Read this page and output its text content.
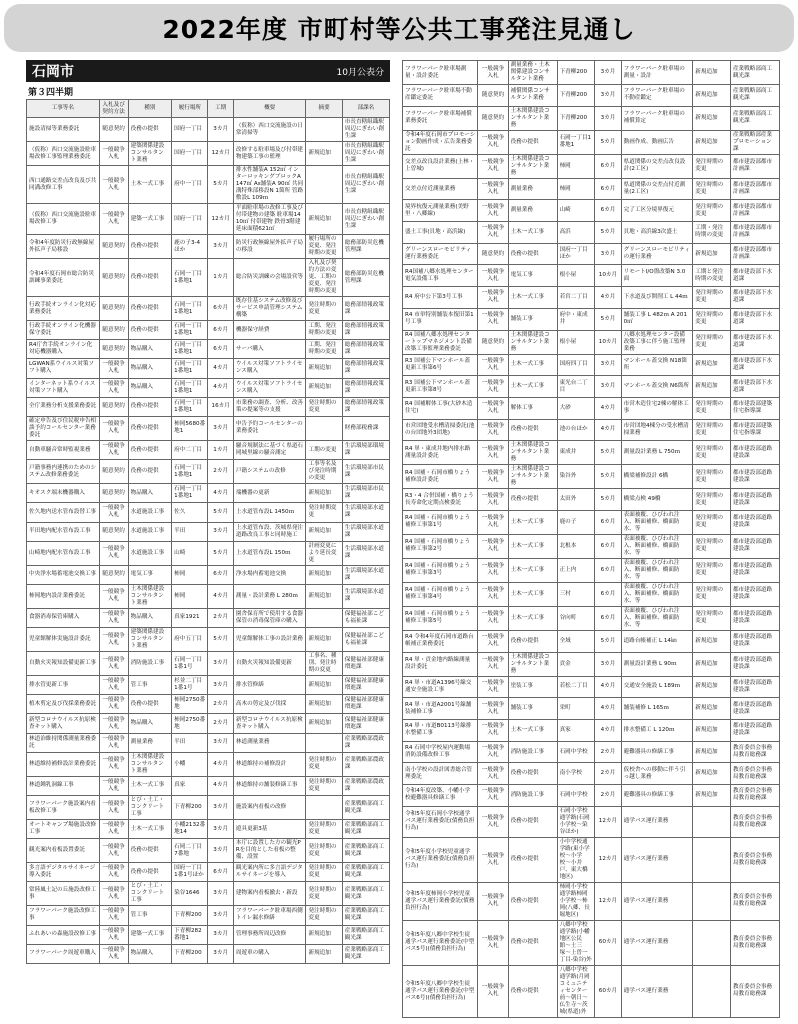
2022年度 市町村等公共工事発注見通し
石岡市	10月公表分
第３四半期
工事等名	入札及び契約方法	種別	履行場所	工期	概要	摘要	部課名
施設清掃等業務委託	随意契約	役務の提供	国府一丁目	3カ月	（仮称）西口交流施設の日常清掃等		市長直轄組織駅周辺にぎわい創生課
（仮称）西口交流施設駐車場改修工事監理業務委託	一般競争入札	建築関係建設コンサルタント業務	国府一丁目	12カ月	改修する駐車場及び付帯建物建築工事の監理	新規追加	市長直轄組織駅周辺にぎわい創生課
西口通路交差点改良及び共同溝改修工事	一般競争入札	土木一式工事	府中一丁目	5カ月	排水性舗装A 152㎡ インターロッキングブロックA 147㎡ As舗装A 90㎡ 共同溝特殊部移設N 1箇所 管路敷設L 109ｍ		市長直轄組織駅周辺にぎわい創生課
（仮称）西口交流施設駐車場改修工事	一般競争入札	建築一式工事	国府一丁目	12カ月	平面駐車場の改修工事及び付帯建物の建築 駐車場1410㎡ 付帯建物 鉄骨3階建延床面積621㎡	新規追加	市長直轄組織駅周辺にぎわい創生課
令和4年度防災行政無線屋外拡声子局移設	随意契約	役務の提供	鹿の子3-4ほか	3カ月	防災行政無線屋外拡声子局の移設	履行場所の変更、発注時期の変更	総務部防災危機管理課
令和4年度石岡市総合防災訓練事業委託	随意契約	役務の提供	石岡一丁目1番地1	1カ月	総合防災訓練の会場設営等	入札及び契約方法の変更、工期の変更、発注時期の変更	総務部防災危機管理課
行政手続オンライン化対応業務委託	随意契約	役務の提供	石岡一丁目1番地1	6カ月	既存住基システム改修及びサービス申請管理システム構築	発注時期の変更	総務部情報政策課
行政手続オンライン化機器保守委託	随意契約	役務の提供	石岡一丁目1番地1	6カ月	機器保守経費	工期、発注時期の変更	総務部情報政策課
R4庁舎手続オンライン化対応機器購入	随意契約	物品購入	石岡一丁目1番地1	6カ月	サーバ購入	工期、発注時期の変更	総務部情報政策課
LGWAN系ウイルス対策ソフト購入	一般競争入札	物品購入	石岡一丁目1番地1	4カ月	ウイルス対策ソフトライセンス購入	新規追加	総務部情報政策課
インターネット系ウイルス対策ソフト購入	一般競争入札	物品購入	石岡一丁目1番地1	4カ月	ウイルス対策ソフトライセンス購入	新規追加	総務部情報政策課
全庁業務分析支援業務委託	随意契約	役務の提供	石岡一丁目1番地1	16カ月	市業務の調査、分析、改善策の提案等の支援	発注時期の変更	総務部情報政策課
確定申告及び住民税申告相談予約コールセンター業務委託	一般競争入札	役務の提供	柿岡5680番地1	3カ月	申告予約コールセンターの業務委託		財務部税務課
自動車騒音常時監視業務	一般競争入札	役務の提供	府中二丁目	1カ月	騒音規制法に基づく県道石岡城里線の騒音測定	工期の変更	生活環境部環境課
戸籍事務内連携のためのシステム改修業務委託	随意契約	役務の提供	石岡一丁目1番地1	2カ月	戸籍システムの改修	工事等名及び発注時期の変更	生活環境部市民課
キオスク端末機器購入	随意契約	物品購入	石岡一丁目1番地1	4カ月	端機器の更新	新規追加	生活環境部市民課
佐久地内送水管布設替工事	一般競争入札	水道施設工事	佐久	5カ月	上水道管布設L 1450ｍ	発注時期変更	生活環境部水道課
半田地内配水管布設工事	随意契約	水道施設工事	半田	3カ月	上水道管布設、茨城県発注道路改良工事と同時施工	新規追加	生活環境部水道課
山崎地内配水管布設工事	一般競争入札	水道施設工事	山崎	5カ月	上水道管布設L 150ｍ	計画変更により延長変更	生活環境部水道課
中央浄水場蓄電池交換工事	随意契約	電気工事	柿岡	6カ月	浄水場内蓄電池交換	新規追加	生活環境部水道課
柿岡地内設計業務委託	一般競争入札	土木関係建設コンサルタント業務	柿岡	4カ月	測量・設計業務 L 280ｍ	新規追加	生活環境部水道課
食器消毒保管庫購入	一般競争入札	物品購入	真家1921	2カ月	園舎保育所で使用する食器保管の消毒保管庫の購入		保健福祉部こども福祉課
児童館解体実施設計委託	一般競争入札	建築関係建設コンサルタント業務	府中五丁目	5カ月	児童館解体工事の設計業務	新規追加	保健福祉部こども福祉課
自動火災報知設備更新工事	一般競争入札	消防施設工事	石岡一丁目1番1号	3カ月	自動火災報知設備更新	工事名、種別、発注時期の変更	保健福祉部健康増進課
排水管更新工事	一般競争入札	管工事	杉並二丁目1番1号	3カ月	排水管修繕	新規追加	保健福祉部健康増進課
植木剪定及び伐採業務委託	一般競争入札	役務の提供	柿岡2750番地	2カ月	高木の剪定及び伐採	新規追加	保健福祉部健康増進課
新型コロナウイルス抗原検査キット購入	一般競争入札	物品購入	柿岡2750番地	2カ月	新型コロナウイルス抗原検査キット購入	新規追加	保健福祉部健康増進課
林道治維持関係測量業務委託	一般競争入札	測量業務	半田	3カ月	林道測量業務		産業戦略部農政課
林道維持補修設計業務委託	一般競争入札	土木関係建設コンサルタント業務	小幡	4カ月	林道維持の補修設計	発注時期の変更	産業戦略部農政課
林道鍾乳洞線工事	一般競争入札	土木一式工事	真家	4カ月	林道維持の舗装修繕工事	発注時期の変更	産業戦略部農政課
フラワーパーク施設案内看板改修工事	一般競争入札	とび・土工・コンクリート工事	下青柳200	3カ月	施設案内看板の改修		産業戦略部商工観光課
オートキャンプ場施設改修工事	一般競争入札	土木一式工事	小幡2132番地14	3カ月	遊具更新3基	発注時期の変更	産業戦略部商工観光課
観光案内看板設置委託	一般競争入札	役務の提供	石岡二丁目7番地	3カ月	本庁に設置した方の観光PRを目的とした看板の整備、設置	発注時期の変更	産業戦略部商工観光課
多言語デジタルサイネージ導入委託	一般競争入札	役務の提供	国府一丁目1番1号ほか	6カ月	観光案内所に多言語デジタルサイネージを導入	発注時期の変更	産業戦略部商工観光課
常陸風土記の丘施設改修工事	一般競争入札	とび・土工・コンクリート工事	染谷1646	3カ月	建物案内看板撤去・新設	発注時期の変更	産業戦略部商工観光課
フラワーパーク施設改修工事	一般競争入札	管工事	下青柳200	3カ月	フラワーパーク駐車場西側トイレ漏水修繕	発注時期の変更	産業戦略部商工観光課
ふれあいの森施設改修工事	一般競争入札	建築一式工事	下青柳282番地1	3カ月	管理事務所周辺改修	新規追加	産業戦略部商工観光課
フラワーパーク周遊車購入	一般競争入札	物品購入	下青柳200	3カ月	周遊車の購入	新規追加	産業戦略部商工観光課
フラワーパーク駐車場測量・設計委託	一般競争入札	測量業務・土木関係建設コンサルタント業務	下青柳200	3カ月	フラワーパーク駐車場の測量・設計	新規追加	産業戦略部商工観光課
フラワーパーク駐車場不動産鑑定委託	随意契約	補償関係コンサルタント業務	下青柳200	3カ月	フラワーパーク駐車場の不動産鑑定	新規追加	産業戦略部商工観光課
フラワーパーク駐車場補償業務委託	随意契約	土木関係建設コンサルタント業務	下青柳200	3カ月	フラワーパーク駐車場の補償算定	新規追加	産業戦略部商工観光課
令和4年度石岡市プロモーション動画作成・広告業務委託	一般競争入札	役務の提供	石岡一丁目1番地1	5カ月	動画作成、動画広告	新規追加	産業戦略部産業プロモーション課
交差点改良設計業務(上林・上曽城)	一般競争入札	土木関係建設コンサルタント業務	柿岡	6カ月	県道関係の交差点改良設計(2工区)	発注時期の変更	都市建設部都市計画課
交差点付近測量業務	一般競争入札	測量業務	柿岡	6カ月	県道関係の交差点付近測量(2工区)	発注時期の変更	都市建設部都市計画課
境界杭復元測量業務(美野里・八郷線)	一般競争入札	測量業務	山崎	6カ月	完了工区分境界復元	発注時期の変更	都市建設部都市計画課
盛土工事(貝地・高浜線)	一般競争入札	土木一式工事	高浜	5カ月	貝地・高浜線3次盛土	工期・発注時期の変更	都市建設部都市計画課
グリーンスローモビリティ運行業務委託	随意契約	役務の提供	国府一丁目ほか	3カ月	グリーンスローモビリティの運行業務	新規追加	都市建設部都市計画課
R4国補八郷水処理センター電気設備工事	一般競争入札	電気工事	根小屋	10カ月	リモートI/O盤改築N 3.0面	工期と発注時期の変更	都市建設部下水道課
R4 府中公下第3号工事	一般競争入札	土木一式工事	若宮二丁目	4カ月	下水道及び開削工 L 44ｍ	発注時期の変更	都市建設部下水道課
R4 市単特別舗装本復旧第1号工事	一般競争入札	舗装工事	府中・東成井	5カ月	舗装工事 L 482ｍ A 2010㎡	発注時期の変更	都市建設部下水道課
R4 国補八郷水処理センタートップマネジメント設備改築工事監理業務委託	随意契約	土木関係建設コンサルタント業務	根小屋	10カ月	八郷水処理センター設備改築工事に伴う施工監理業務	発注時期の変更	都市建設部下水道課
R3 国補公下マンホール蓋更新工事第6号	一般競争入札	土木一式工事	国府四丁目	3カ月	マンホール蓋交換 N18箇所	新規追加	都市建設部下水道課
R3 国補公下マンホール蓋更新工事第8号	一般競争入札	土木一式工事	東光台二丁目	3カ月	マンホール蓋交換 N6箇所	新規追加	都市建設部下水道課
R4 国補解体工事(大砂木造住宅)	一般競争入札	解体工事	大砂	4カ月	市営木造住宅2棟の解体工事	発注時期の変更	都市建設部建築住宅指導課
市営団地受水槽清掃委託(池の台団地外3団地)	一般競争入札	役務の提供	池の台ほか	4カ月	市営団地4棟分の受水槽清掃業務	発注時期の変更	都市建設部建築住宅指導課
R4 単・東成井地内排水路測量設計委託	一般競争入札	土木関係建設コンサルタント業務	東成井	5カ月	測量設計業務 L 750ｍ	発注時期の変更	都市建設部道路建設課
R4 国補・石岡市橋りょう補修設計委託	一般競争入札	土木関係建設コンサルタント業務	染谷外	5カ月	橋梁補修設計 6橋	発注時期の変更	都市建設部道路建設課
R3・4 合併国補・橋りょう長寿命化定期点検委託	一般競争入札	役務の提供	太田外	5カ月	橋梁点検 49橋	発注時期の変更	都市建設部道路建設課
R4 国補・石岡市橋りょう補修工事第1号	一般競争入札	土木一式工事	鹿の子	6カ月	表面被覆、ひびわれ注入、断面補修、橋面防水、等	発注時期の変更	都市建設部道路建設課
R4 国補・石岡市橋りょう補修工事第2号	一般競争入札	土木一式工事	北根本	6カ月	表面被覆、ひびわれ注入、断面補修、橋面防水、等	発注時期の変更	都市建設部道路建設課
R4 国補・石岡市橋りょう補修工事第3号	一般競争入札	土木一式工事	正上内	6カ月	表面被覆、ひびわれ注入、断面補修、橋面防水、等	発注時期の変更	都市建設部道路建設課
R4 国補・石岡市橋りょう補修工事第4号	一般競争入札	土木一式工事	三村	6カ月	表面被覆、ひびわれ注入、断面補修、橋面防水、等	発注時期の変更	都市建設部道路建設課
R4 国補・石岡市橋りょう補修工事第5号	一般競争入札	土木一式工事	谷向町	6カ月	表面被覆、ひびわれ注入、断面補修、橋面防水、等	発注時期の変更	都市建設部道路建設課
R4 令和4年度石岡市道路台帳補正業務委託	一般競争入札	役務の提供	全域	5カ月	道路台帳補正 L 14㎞	新規追加	都市建設部道路建設課
R4 単・貢金地内路線測量設計委託	一般競争入札	土木関係建設コンサルタント業務	貢金	3カ月	測量設計業務 L 90ｍ	新規追加	都市建設部道路建設課
R4 単・市道A1396号線交通安全施設工事	一般競争入札	塗装工事	若松二丁目	4カ月	交通安全施設 L 189ｍ	新規追加	都市建設部道路建設課
R4 単・市道A2001号線舗装補修工事	一般競争入札	舗装工事	栄町	4カ月	舗装補修 L 165ｍ	新規追加	都市建設部道路建設課
R4 単・市道B0113号線排水整備工事	一般競争入札	土木一式工事	真家	4カ月	排水整備工 L 120ｍ	新規追加	都市建設部道路建設課
R4 石岡中学校屋内運動場消防設備改修工事	一般競争入札	消防施設工事	石岡中学校	2カ月	避難器具の修繕工事	新規追加	教育委員会事務局教育総務課
南小学校の設計図書総合管理委託	一般競争入札	役務の提供	南小学校	2カ月	仮校舎への移動に伴う引っ越し業務	新規追加	教育委員会事務局教育総務課
令和4年度改築、小幡小学校避難器具修繕工事	一般競争入札	消防施設工事	石岡中学校	2カ月	避難器具の修繕工事	新規追加	教育委員会事務局教育総務課
令和5年度石岡小学校通学バス運行業務委託(債務負担行為)	一般競争入札	役務の提供	石岡小学校通学路(石岡小学校〜染谷ほか)	12カ月	通学バス運行業務		教育委員会事務局教育総務課
令和5年度小学校児童通学バス運行業務委託(債務負担行為)	一般競争入札	役務の提供	小中学校通学路(東小学校〜小学校〜小井戸、東大橋地区)	12カ月	通学バス運行業務		教育委員会事務局教育総務課
令和5年度柿岡小学校児童通学バス運行業務委託(債務負担行為)	一般競争入札	役務の提供	柿岡小学校通学路柿岡小学校〜柿岡(八郷、長堀地区)	12カ月	通学バス運行業務		教育委員会事務局教育総務課
令和5年度八郷中学校生徒通学バス運行業務委託(中型バス5号)(債務負担行為)	一般競争入札	役務の提供	八郷中学校通学路(小幡地区公民館〜土三塚〜上曽一丁目-染谷)外	60カ月	通学バス運行業務		教育委員会事務局教育総務課
令和5年度八郷中学校生徒通学バス運行業務委託(中型バス6号)(債務負担行為)	一般競争入札	役務の提供	八郷中学校通学路(月岡コミュニティセンター前〜朝日〜仏生寺〜茨城(県道)外	60カ月	通学バス運行業務		教育委員会事務局教育総務課
